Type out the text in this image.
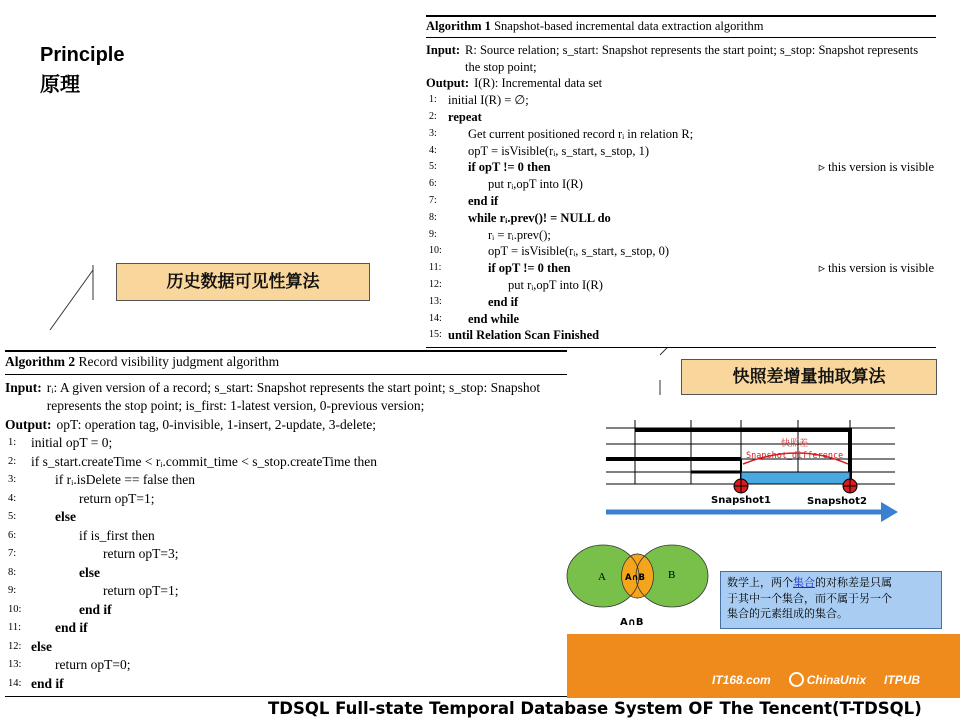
Principle
原理
Algorithm 1 Snapshot-based incremental data extraction algorithm
Input: R: Source relation; s_start: Snapshot represents the start point; s_stop: Snapshot represents the stop point;
Output: I(R): Incremental data set
1: initial I(R) = ∅;
2: repeat
3:	Get current positioned record rᵢ in relation R;
4:	opT = isVisible(rᵢ, s_start, s_stop, 1)
5:	if opT != 0 then	▹ this version is visible
6:	put rᵢ,opT into I(R)
7:	end if
8:	while rᵢ.prev()! = NULL do
9:	rᵢ = rᵢ.prev();
10:	opT = isVisible(rᵢ, s_start, s_stop, 0)
11:	if opT != 0 then	▹ this version is visible
12:	put rᵢ,opT into I(R)
13:	end if
14:	end while
15: until Relation Scan Finished
Algorithm 2 Record visibility judgment algorithm
Input: rᵢ: A given version of a record; s_start: Snapshot represents the start point; s_stop: Snapshot represents the stop point; is_first: 1-latest version, 0-previous version;
Output: opT: operation tag, 0-invisible, 1-insert, 2-update, 3-delete;
1:	initial opT = 0;
2:	if s_start.createTime < rᵢ.commit_time < s_stop.createTime then
3:	if rᵢ.isDelete == false then
4:	return opT=1;
5:	else
6:	if is_first then
7:	return opT=3;
8:	else
9:	return opT=1;
10:	end if
11:	end if
12: else
13:	return opT=0;
14: end if
历史数据可见性算法
快照差增量抽取算法
快照差
Snapshot_difference
Snapshot1	Snapshot2
A	B
A∩B
A∩B
数学上，两个集合的对称差是只属
于其中一个集合，而不属于另一个
集合的元素组成的集合。
IT168.com	ChinaUnix ITPUB
TDSQL Full-state Temporal Database System OF The Tencent(T-TDSQL)
